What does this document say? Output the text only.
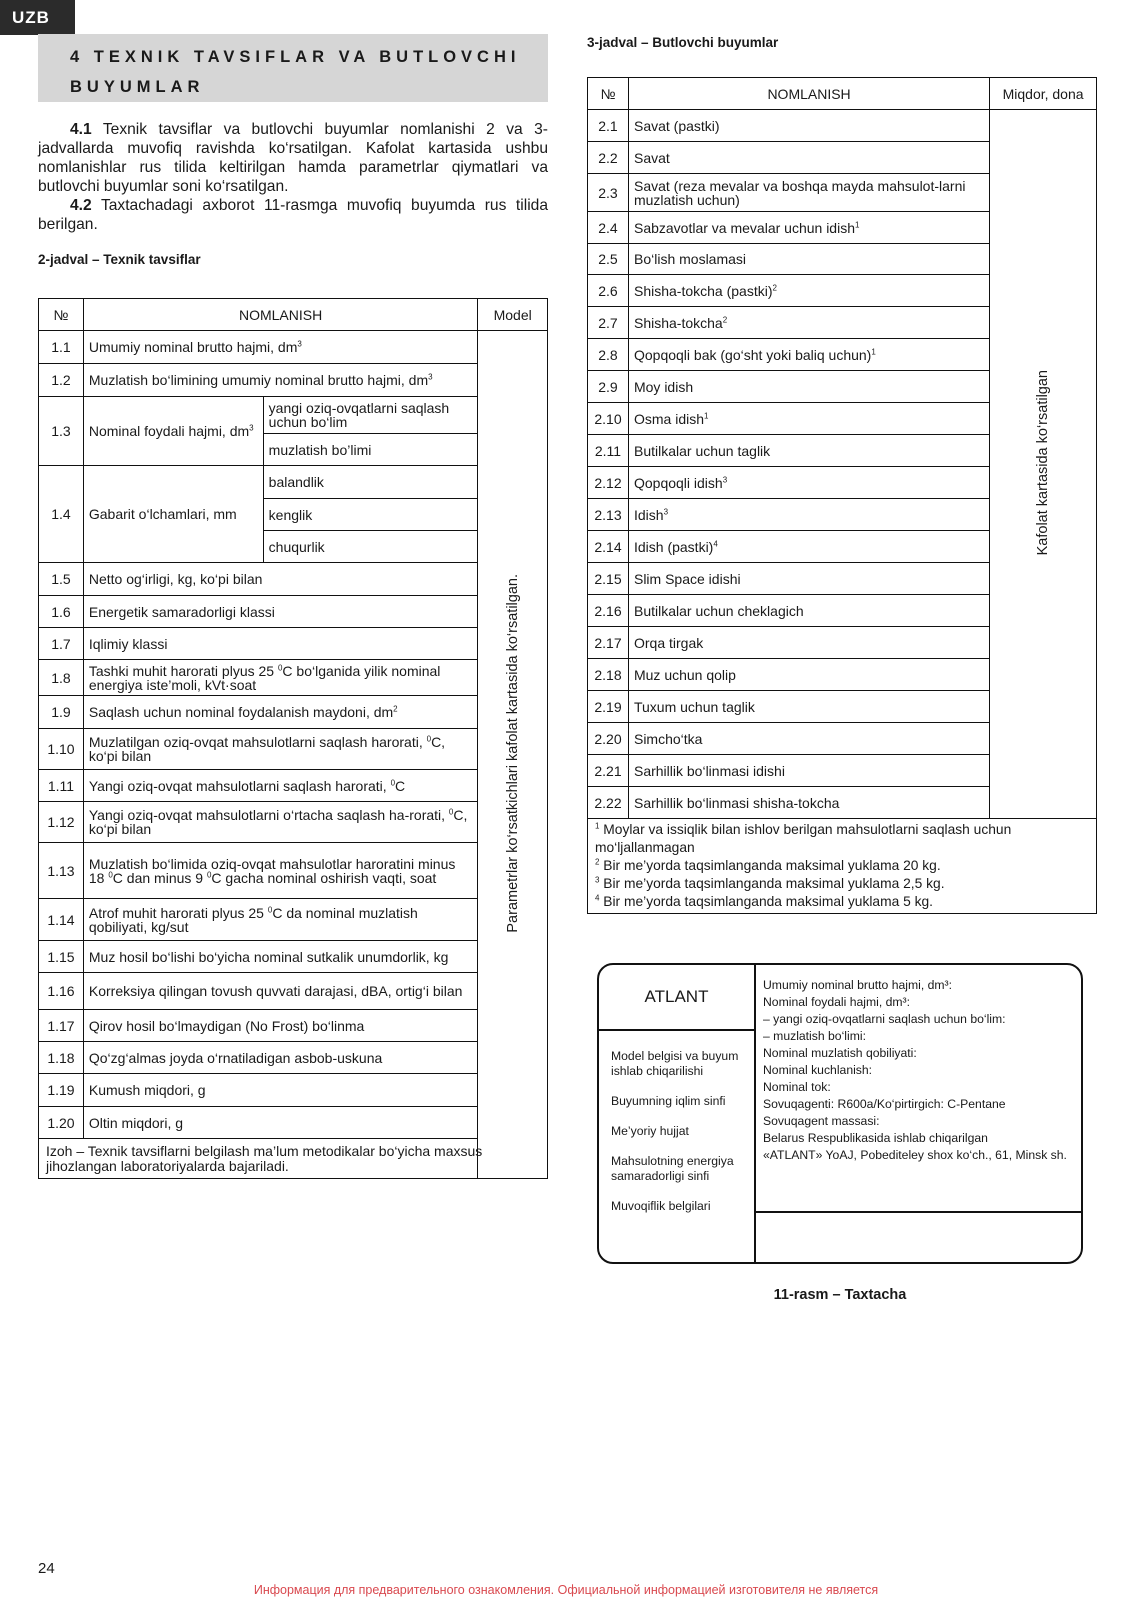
UZB
4 TEXNIK TAVSIFLAR VA BUTLOVCHI
BUYUMLAR

4.1 Texnik tavsiflar va butlovchi buyumlar nomlanishi 2 va 3-jadvallarda muvofiq ravishda ko‘rsatilgan. Kafolat kartasida ushbu nomlanishlar rus tilida keltirilgan hamda parametrlar qiymatlari va butlovchi buyumlar soni ko‘rsatilgan.

4.2 Taxtachadagi axborot 11-rasmga muvofiq buyumda rus tilida berilgan.

2-jadval – Texnik tavsiflar
№	NOMLANISH		Model
1.1	Umumiy nominal brutto hajmi, $dm^3$		Parametrlar ko‘rsatkichlari kafolat kartasida ko‘rsatilgan.
1.2	Muzlatish bo‘limining umumiy nominal brutto hajmi, $dm^3$
1.3	Nominal foydali hajmi, $dm^3$	yangi oziq-ovqatlarni saqlash uchun bo‘lim	
		muzlatish bo’limi	
1.4	Gabarit o‘lchamlari, mm	balandlik	
		kenglik	
		chuqurlik	
1.5	Netto og‘irligi, kg, ko‘pi bilan		
1.6	Energetik samaradorligi klassi		
1.7	Iqlimiy klassi		
1.8	Tashki muhit harorati plyus 25 $^0$C bo‘lganida yilik nominal energiya iste’moli, kVt·soat		
1.9	Saqlash uchun nominal foydalanish maydoni, $dm^2$
1.10	Muzlatilgan oziq-ovqat mahsulotlarni saqlash harorati, $^0$C, ko‘pi bilan		
1.11	Yangi oziq-ovqat mahsulotlarni saqlash harorati, $^0$C		
1.12	Yangi oziq-ovqat mahsulotlarni o‘rtacha saqlash ha-rorati, $^0$C, ko‘pi bilan		
1.13	Muzlatish bo‘limida oziq-ovqat mahsulotlar haroratini minus 18 $^0$C dan minus 9 $^0$C gacha nominal oshirish vaqti, soat		
1.14	Atrof muhit harorati plyus 25 $^0$C da nominal muzlatish qobiliyati, kg/sut		
1.15	Muz hosil bo‘lishi bo‘yicha nominal sutkalik unumdorlik, kg		
1.16	Korreksiya qilingan tovush quvvati darajasi, dBA, ortig‘i bilan		
1.17	Qirov hosil bo‘lmaydigan (No Frost) bo‘linma		
1.18	Qo‘zg‘almas joyda o‘rnatiladigan asbob-uskuna		
1.19	Kumush miqdori, g		
1.20	Oltin miqdori, g		
Izoh – Texnik tavsiflarni belgilash ma’lum metodikalar bo‘yicha maxsus jihozlangan laboratoriyalarda bajariladi.			
3-jadval – Butlovchi buyumlar
№	NOMLANISH	Miqdor, dona
2.1	Savat (pastki)	Kafolat kartasida ko‘rsatilgan
2.2	Savat	
2.3	Savat (reza mevalar va boshqa mayda mahsulot-larni muzlatish uchun)	
2.4	Sabzavotlar va mevalar uchun idish$^1$
2.5	Bo‘lish moslamasi	
2.6	Shisha-tokcha (pastki)$^2$
2.7	Shisha-tokcha$^2$
2.8	Qopqoqli bak (go‘sht yoki baliq uchun)$^1$
2.9	Moy idish	
2.10	Osma idish$^1$
2.11	Butilkalar uchun taglik	
2.12	Qopqoqli idish$^3$
2.13	Idish$^3$
2.14	Idish (pastki)$^4$
2.15	Slim Space idishi	
2.16	Butilkalar uchun cheklagich	
2.17	Orqa tirgak	
2.18	Muz uchun qolip	
2.19	Tuxum uchun taglik	
2.20	Simcho‘tka	
2.21	Sarhillik bo‘linmasi idishi	
2.22	Sarhillik bo‘linmasi shisha-tokcha	

$^1$ Moylar va issiqlik bilan ishlov berilgan mahsulotlarni saqlash uchun mo‘ljallanmagan
$^2$ Bir me’yorda taqsimlanganda maksimal yuklama 20 kg.
$^3$ Bir me’yorda taqsimlanganda maksimal yuklama 2,5 kg.
$^4$ Bir me’yorda taqsimlanganda maksimal yuklama 5 kg.		
ATLANT
Model belgisi va buyum ishlab chiqarilishi
Buyumning iqlim sinfi
Me’yoriy hujjat
Mahsulotning energiya samaradorligi sinfi
Muvoqiflik belgilari
Umumiy nominal brutto hajmi, dm³:
Nominal foydali hajmi, dm³:
– yangi oziq-ovqatlarni saqlash uchun bo‘lim:
– muzlatish bo‘limi:
Nominal muzlatish qobiliyati:
Nominal kuchlanish:
Nominal tok:
Sovuqagenti: R600a/Ko‘pirtirgich: C-Pentane
Sovuqagent massasi:
Belarus Respublikasida ishlab chiqarilgan
«ATLANT» YoAJ, Pobediteley shox ko‘ch., 61, Minsk sh.
11-rasm – Taxtacha
24
Информация для предварительного ознакомления. Официальной информацией изготовителя не является
